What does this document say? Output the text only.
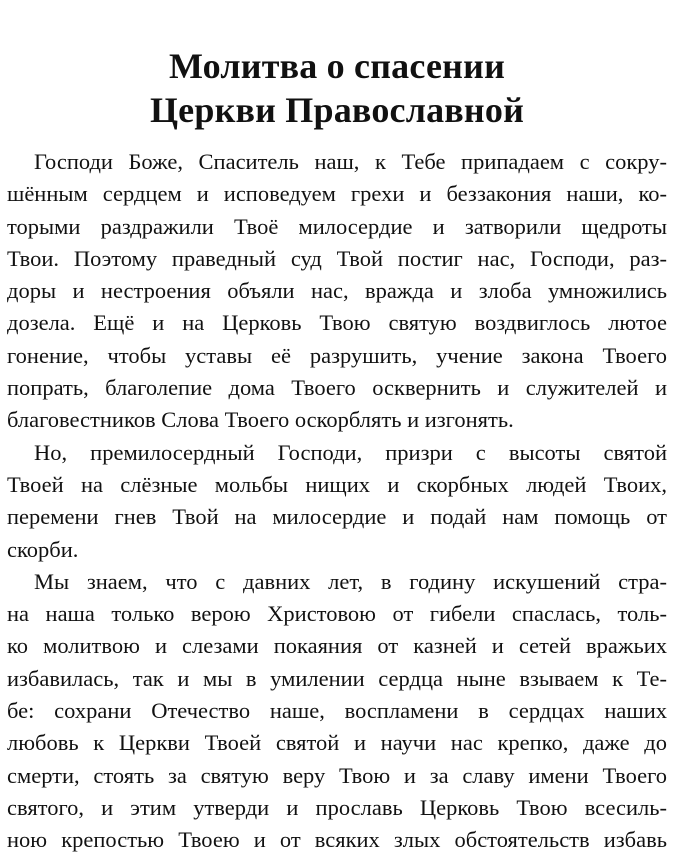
Молитва о спасении
Церкви Православной
Господи Боже, Спаситель наш, к Тебе припадаем с сокру-
шённым сердцем и исповедуем грехи и беззакония наши, ко-
торыми раздражили Твоё милосердие и затворили щедроты
Твои. Поэтому праведный суд Твой постиг нас, Господи, раз-
доры и нестроения объяли нас, вражда и злоба умножились
дозела. Ещё и на Церковь Твою святую воздвиглось лютое
гонение, чтобы уставы её разрушить, учение закона Твоего
попрать, благолепие дома Твоего осквернить и служителей и
благовестников Слова Твоего оскорблять и изгонять.
Но, премилосердный Господи, призри с высоты святой
Твоей на слёзные мольбы нищих и скорбных людей Твоих,
перемени гнев Твой на милосердие и подай нам помощь от
скорби.
Мы знаем, что с давних лет, в годину искушений стра-
на наша только верою Христовою от гибели спаслась, толь-
ко молитвою и слезами покаяния от казней и сетей вражьих
избавилась, так и мы в умилении сердца ныне взываем к Те-
бе: сохрани Отечество наше, воспламени в сердцах наших
любовь к Церкви Твоей святой и научи нас крепко, даже до
смерти, стоять за святую веру Твою и за славу имени Твоего
святого, и этим утверди и прославь Церковь Твою всесиль-
ною крепостью Твоею и от всяких злых обстоятельств избавь
